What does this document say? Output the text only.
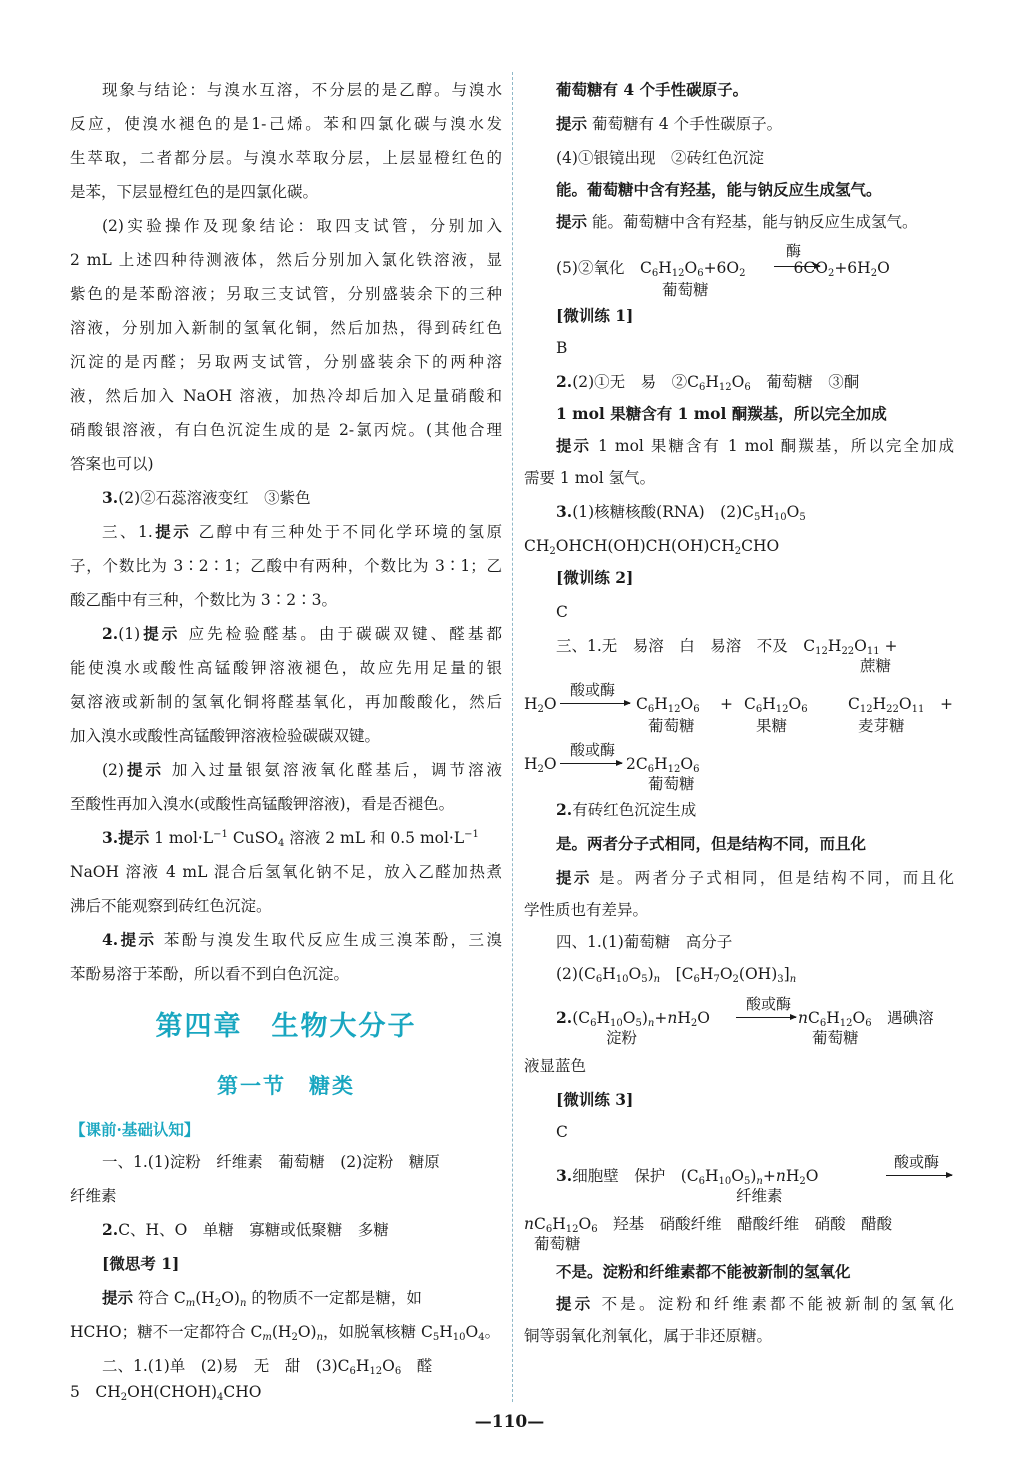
现象与结论：与溴水互溶，不分层的是乙醇。与溴水
反应，使溴水褪色的是1-己烯。苯和四氯化碳与溴水发
生萃取，二者都分层。与溴水萃取分层，上层显橙红色的
是苯，下层显橙红色的是四氯化碳。
(2)实验操作及现象结论：取四支试管，分别加入
2 mL 上述四种待测液体，然后分别加入氯化铁溶液，显
紫色的是苯酚溶液；另取三支试管，分别盛装余下的三种
溶液，分别加入新制的氢氧化铜，然后加热，得到砖红色
沉淀的是丙醛；另取两支试管，分别盛装余下的两种溶
液，然后加入 NaOH 溶液，加热冷却后加入足量硝酸和
硝酸银溶液，有白色沉淀生成的是 2-氯丙烷。(其他合理
答案也可以)
3.(2)②石蕊溶液变红　③紫色
三、1.提示 乙醇中有三种处于不同化学环境的氢原
子，个数比为 3∶2∶1；乙酸中有两种，个数比为 3∶1；乙
酸乙酯中有三种，个数比为 3∶2∶3。
2.(1)提示 应先检验醛基。由于碳碳双键、醛基都
能使溴水或酸性高锰酸钾溶液褪色，故应先用足量的银
氨溶液或新制的氢氧化铜将醛基氧化，再加酸酸化，然后
加入溴水或酸性高锰酸钾溶液检验碳碳双键。
(2)提示 加入过量银氨溶液氧化醛基后，调节溶液
至酸性再加入溴水(或酸性高锰酸钾溶液)，看是否褪色。
3.提示 1 $mol\cdot L^{-1}$ CuSO$_4$ 溶液 2 mL 和 0.5 $mol\cdot L^{-1}$
NaOH 溶液 4 mL 混合后氢氧化钠不足，放入乙醛加热煮
沸后不能观察到砖红色沉淀。
4.提示 苯酚与溴发生取代反应生成三溴苯酚，三溴
苯酚易溶于苯酚，所以看不到白色沉淀。
第四章　生物大分子
第一节　糖类
【课前·基础认知】
一、1.(1)淀粉　纤维素　葡萄糖　(2)淀粉　糖原
纤维素
2.C、H、O　单糖　寡糖或低聚糖　多糖
[微思考 1]
提示 符合 $C_m(H_2O)_n$ 的物质不一定都是糖，如
HCHO；糖不一定都符合 $C_m(H_2O)_n$，如脱氧核糖 $C_5H_{10}O_4$。
二、1.(1)单　(2)易　无　甜　$(3)C_6H_{12}O_6$　醛
5　$CH_2OH(CHOH)_4CHO$
葡萄糖有 4 个手性碳原子。
提示 葡萄糖有 4 个手性碳原子。
(4)①银镜出现　②砖红色沉淀
能。葡萄糖中含有羟基，能与钠反应生成氢气。
提示 能。葡萄糖中含有羟基，能与钠反应生成氢气。
(5)②氧化　$C_6H_{12}O_6+6O_2$	$6CO_2+6H_2O$
酶
葡萄糖
[微训练 1]
B
2.(2)①无　易　$②C_6H_{12}O_6$　葡萄糖　③酮
1 mol 果糖含有 1 mol 酮羰基，所以完全加成
提示 1 mol 果糖含有 1 mol 酮羰基，所以完全加成
需要 1 mol 氢气。
3.(1)核糖核酸(RNA)　$(2)C_5H_{10}O_5$
$CH_2OHCH(OH)CH(OH)CH_2CHO$
[微训练 2]
C
三、1.无　易溶　白　易溶　不及　$C_{12}H_{22}O_{11}$ +
蔗糖
$H_2O$
酸或酶
$C_6H_{12}O_6 + C_6H_{12}O_6$	$C_{12}H_{22}O_{11}$ +
葡萄糖	果糖	麦芽糖
$H_2O$
酸或酶
→ $2C_6H_{12}O_6$
葡萄糖
2.有砖红色沉淀生成
是。两者分子式相同，但是结构不同，而且化
提示 是。两者分子式相同，但是结构不同，而且化
学性质也有差异。
四、1.(1)葡萄糖　高分子
$(2)(C_6H_{10}O_5)_n$　$[C_6H_7O_2(OH)_3]_n$
$2.(C_6H_{10}O_5)_n+nH_2O$
酸或酶
→ $nC_6H_{12}O_6$　遇碘溶
淀粉	葡萄糖
液显蓝色
[微训练 3]
C
3.细胞壁　保护　$(C_6H_{10}O_5)_n+nH_2O$
酸或酶
纤维素
$nC_6H_{12}O_6$　羟基　硝酸纤维　醋酸纤维　硝酸　醋酸
葡萄糖
不是。淀粉和纤维素都不能被新制的氢氧化
提示 不是。淀粉和纤维素都不能被新制的氢氧化
铜等弱氧化剂氧化，属于非还原糖。
—110—
